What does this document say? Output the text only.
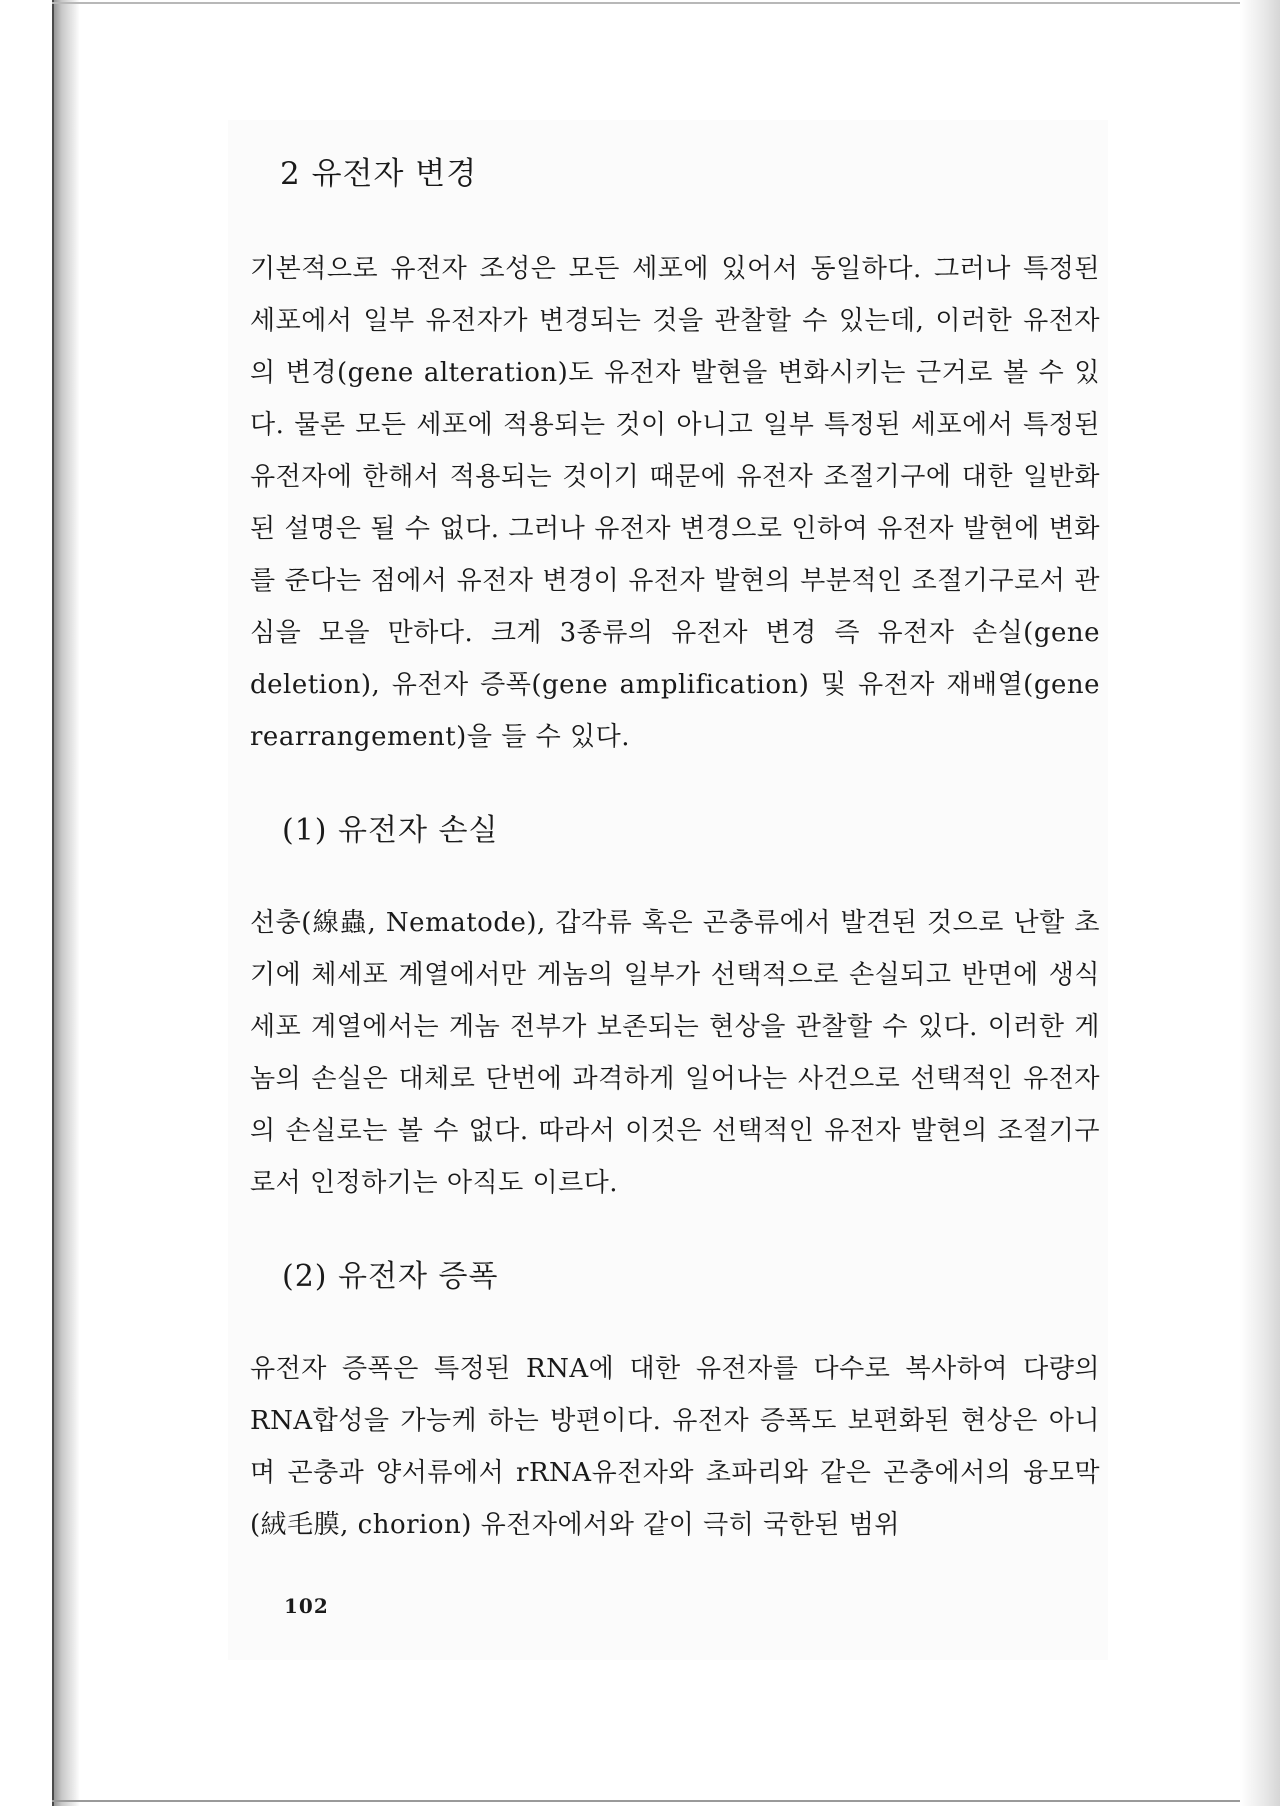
2 유전자 변경

기본적으로 유전자 조성은 모든 세포에 있어서 동일하다. 그러나 특정된 세포에서 일부 유전자가 변경되는 것을 관찰할 수 있는데, 이러한 유전자의 변경(gene alteration)도 유전자 발현을 변화시키는 근거로 볼 수 있다. 물론 모든 세포에 적용되는 것이 아니고 일부 특정된 세포에서 특정된 유전자에 한해서 적용되는 것이기 때문에 유전자 조절기구에 대한 일반화된 설명은 될 수 없다. 그러나 유전자 변경으로 인하여 유전자 발현에 변화를 준다는 점에서 유전자 변경이 유전자 발현의 부분적인 조절기구로서 관심을 모을 만하다. 크게 3종류의 유전자 변경 즉 유전자 손실(gene deletion), 유전자 증폭(gene amplification) 및 유전자 재배열(gene rearrangement)을 들 수 있다.

(1) 유전자 손실

선충(線蟲, Nematode), 갑각류 혹은 곤충류에서 발견된 것으로 난할 초기에 체세포 계열에서만 게놈의 일부가 선택적으로 손실되고 반면에 생식세포 계열에서는 게놈 전부가 보존되는 현상을 관찰할 수 있다. 이러한 게놈의 손실은 대체로 단번에 과격하게 일어나는 사건으로 선택적인 유전자의 손실로는 볼 수 없다. 따라서 이것은 선택적인 유전자 발현의 조절기구로서 인정하기는 아직도 이르다.

(2) 유전자 증폭

유전자 증폭은 특정된 RNA에 대한 유전자를 다수로 복사하여 다량의 RNA합성을 가능케 하는 방편이다. 유전자 증폭도 보편화된 현상은 아니며 곤충과 양서류에서 rRNA유전자와 초파리와 같은 곤충에서의 융모막(絨毛膜, chorion) 유전자에서와 같이 극히 국한된 범위

102
